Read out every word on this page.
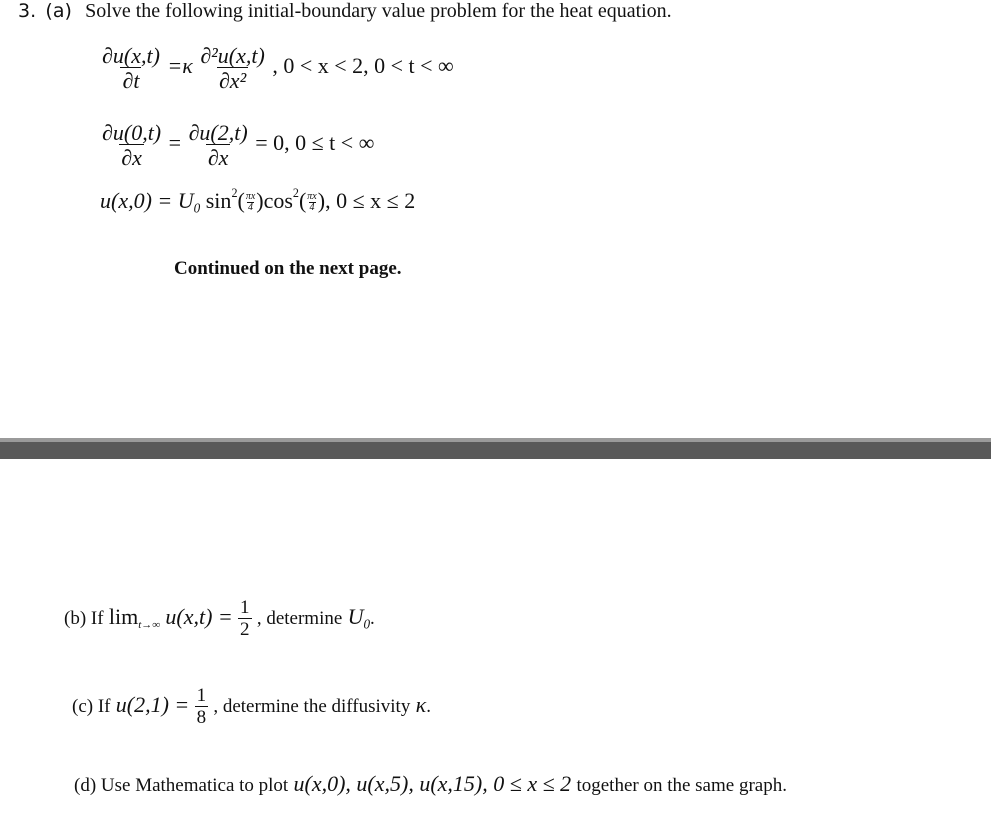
3. (a) Solve the following initial-boundary value problem for the heat equation.
$\frac{\partial u(x,t)}{\partial t} =\kappa \frac{\text{∂²u(x,t)}}{\text{∂x²}}$ , 0 < x < 2, 0 < t < ∞
$\frac{\partial u(0,t)}{\partial x} = \frac{\partial u(2,t)}{\partial x} = 0$, 0 ≤ t < ∞
$u(x,0) = U_0$ $\sin^2( \frac{\pi x}{4} )\cos^2( \frac{\pi x}{4}$ ), 0 ≤ x ≤ 2
Continued on the next page.
(b) If $\lim_{t\to\infty} u(x,t) = \frac{1}{2}$ , determine $U_0$.
(c) If $u(2,1) = \frac{1}{8}$ , determine the diffusivity κ.
(d) Use Mathematica to plot u(x,0), u(x,5), u(x,15), 0 ≤ x ≤ 2 together on the same graph.
